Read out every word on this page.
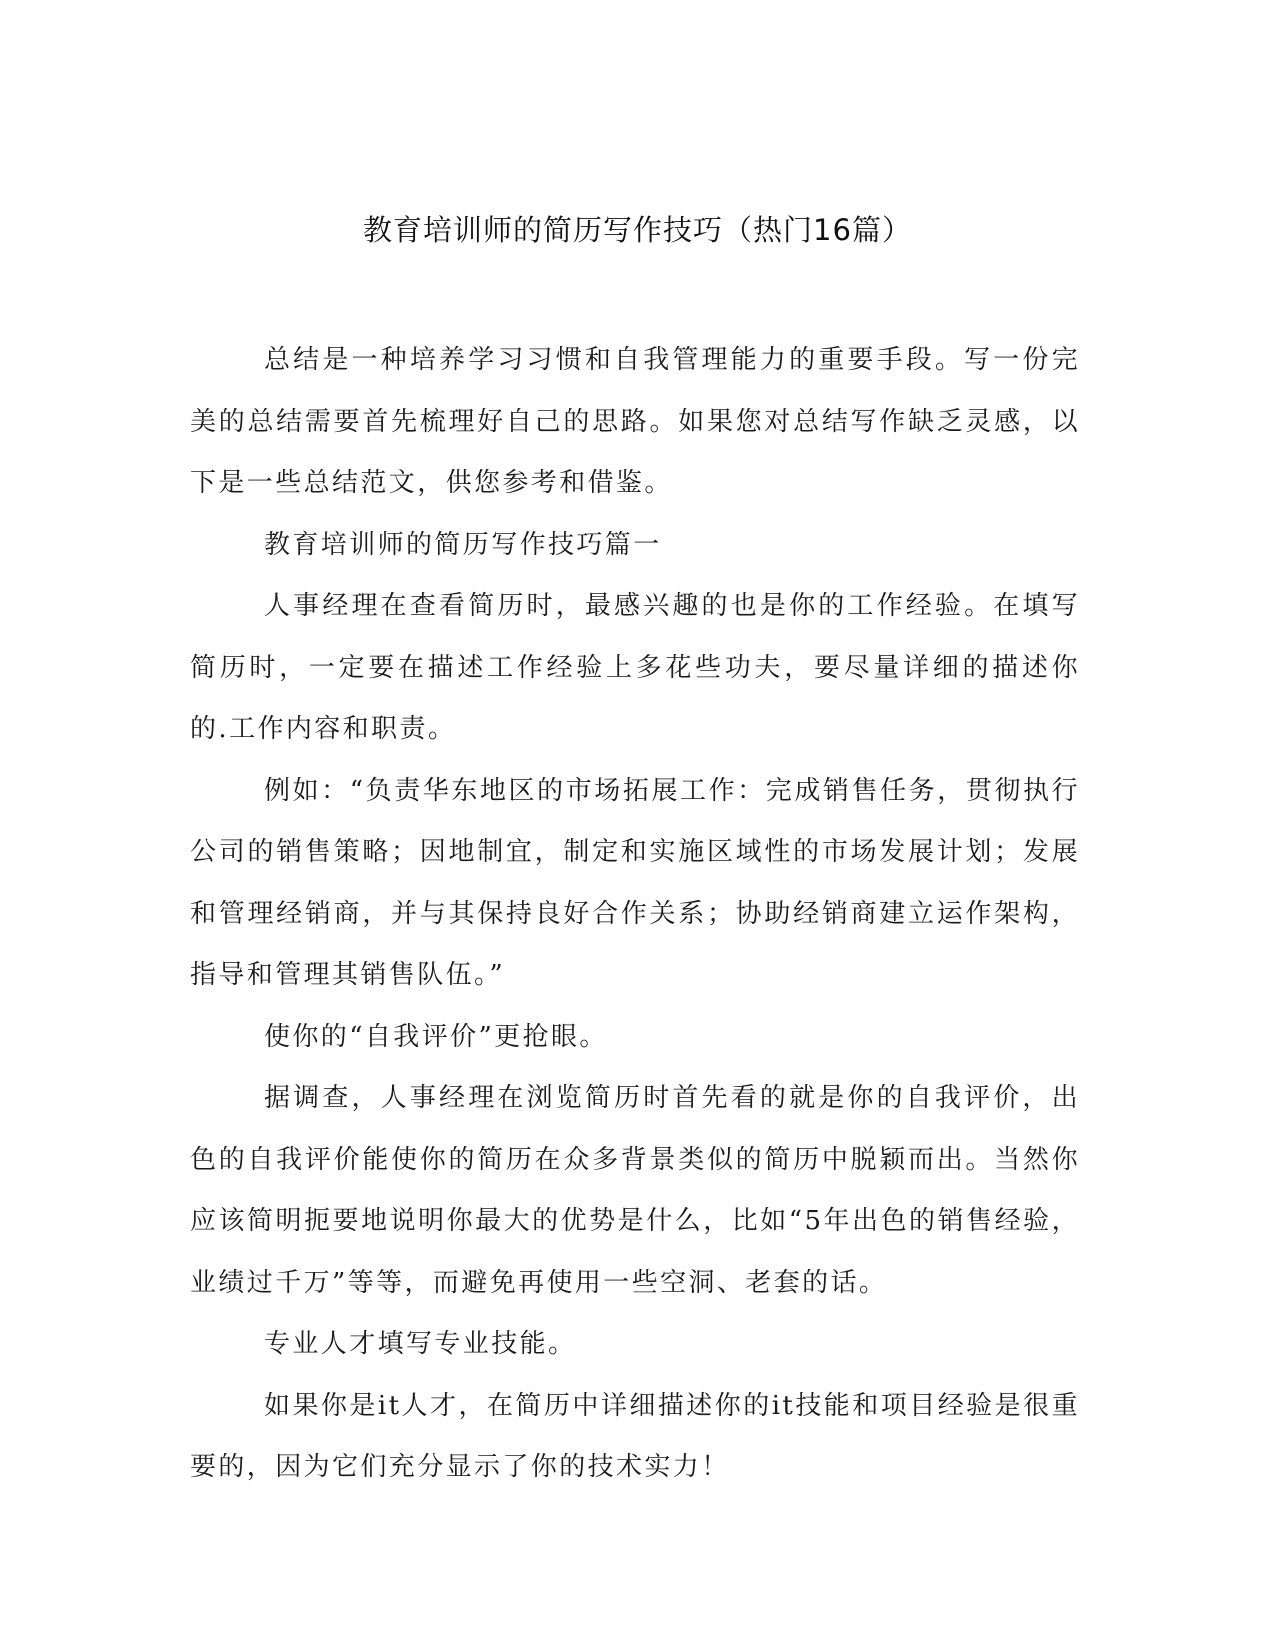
教育培训师的简历写作技巧（热门16篇）

总结是一种培养学习习惯和自我管理能力的重要手段。写一份完美的总结需要首先梳理好自己的思路。如果您对总结写作缺乏灵感，以下是一些总结范文，供您参考和借鉴。

教育培训师的简历写作技巧篇一

人事经理在查看简历时，最感兴趣的也是你的工作经验。在填写简历时，一定要在描述工作经验上多花些功夫，要尽量详细的描述你的.工作内容和职责。

例如：“负责华东地区的市场拓展工作：完成销售任务，贯彻执行公司的销售策略；因地制宜，制定和实施区域性的市场发展计划；发展和管理经销商，并与其保持良好合作关系；协助经销商建立运作架构，指导和管理其销售队伍。”

使你的“自我评价”更抢眼。

据调查，人事经理在浏览简历时首先看的就是你的自我评价，出色的自我评价能使你的简历在众多背景类似的简历中脱颖而出。当然你应该简明扼要地说明你最大的优势是什么，比如“5年出色的销售经验，业绩过千万”等等，而避免再使用一些空洞、老套的话。

专业人才填写专业技能。

如果你是it人才，在简历中详细描述你的it技能和项目经验是很重要的，因为它们充分显示了你的技术实力！
